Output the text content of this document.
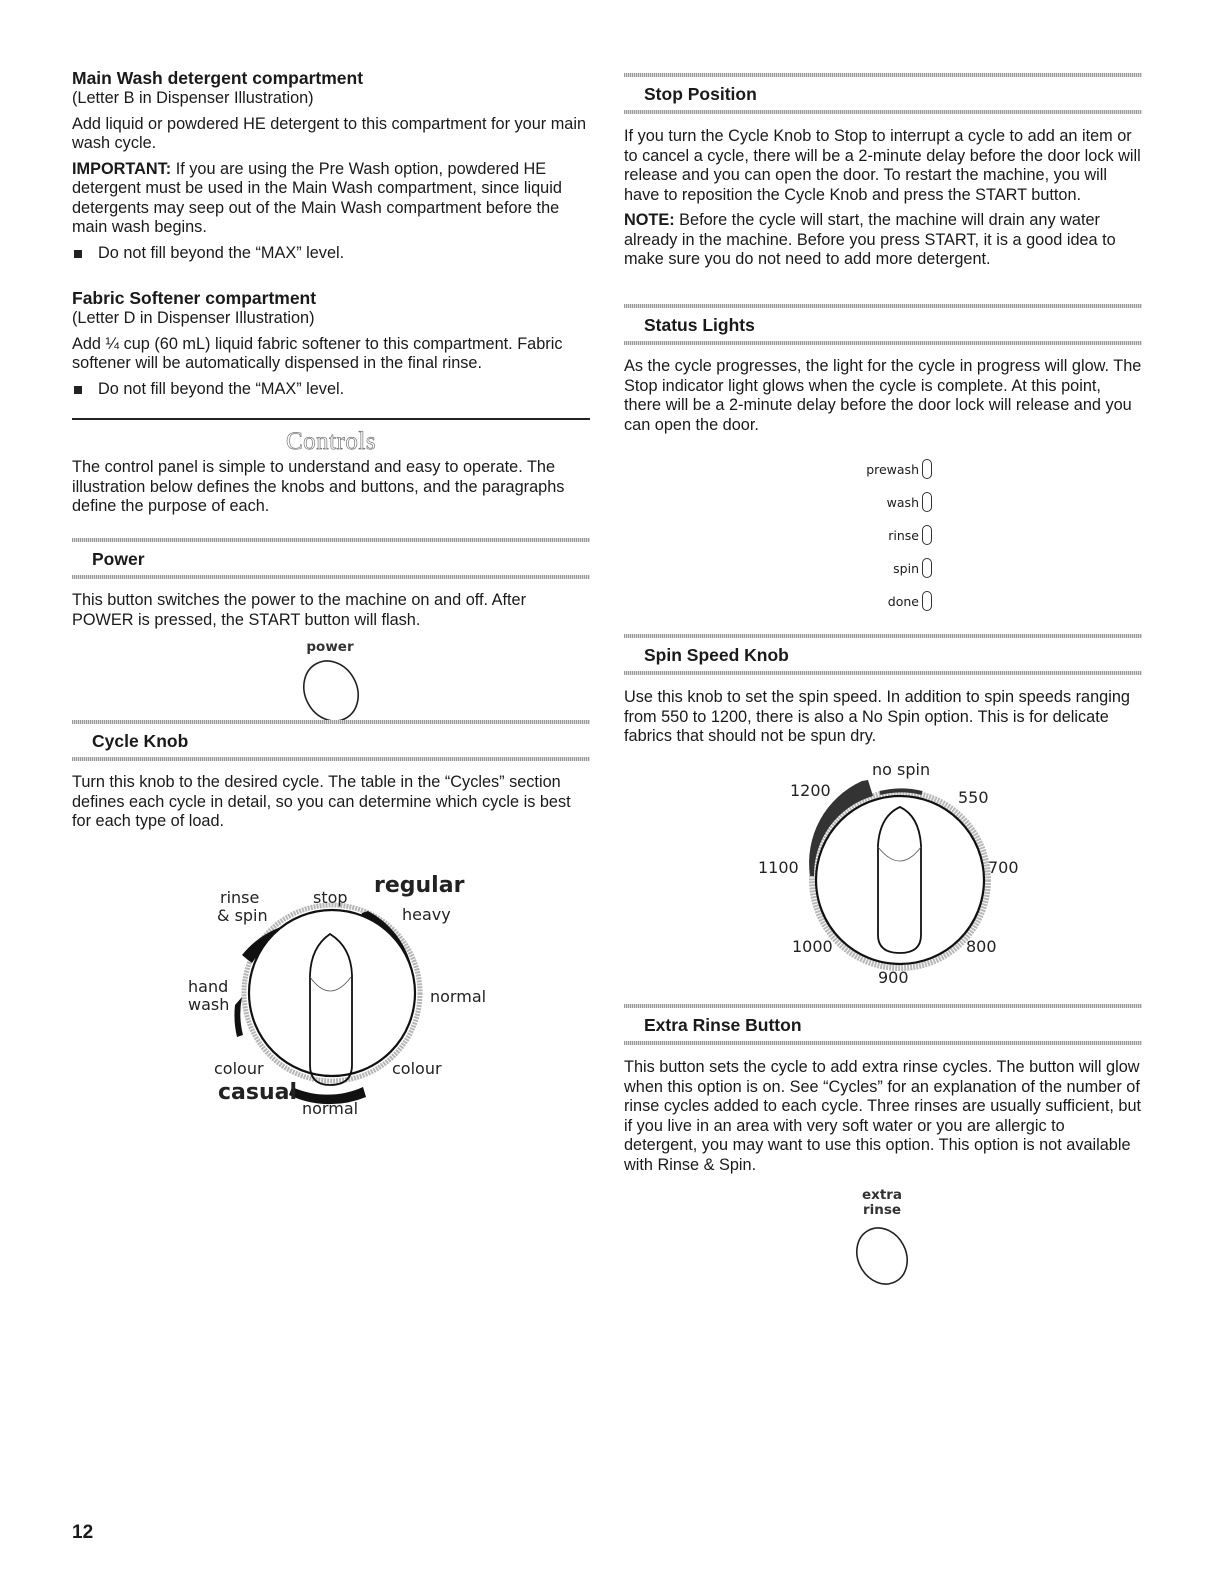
Main Wash detergent compartment

(Letter B in Dispenser Illustration)

Add liquid or powdered HE detergent to this compartment for your main wash cycle.

IMPORTANT: If you are using the Pre Wash option, powdered HE detergent must be used in the Main Wash compartment, since liquid detergents may seep out of the Main Wash compartment before the main wash begins.

Do not fill beyond the “MAX” level.
Fabric Softener compartment

(Letter D in Dispenser Illustration)

Add ¼ cup (60 mL) liquid fabric softener to this compartment. Fabric softener will be automatically dispensed in the final rinse.

Do not fill beyond the “MAX” level.
Controls

The control panel is simple to understand and easy to operate. The illustration below defines the knobs and buttons, and the paragraphs define the purpose of each.

Power

This button switches the power to the machine on and off. After POWER is pressed, the START button will flash.

power
Cycle Knob

Turn this knob to the desired cycle. The table in the “Cycles” section defines each cycle in detail, so you can determine which cycle is best for each type of load.

rinse
& spin
stop regular
heavy
hand
wash	normal
colour	colour
casual
normal
Stop Position

If you turn the Cycle Knob to Stop to interrupt a cycle to add an item or to cancel a cycle, there will be a 2-minute delay before the door lock will release and you can open the door. To restart the machine, you will have to reposition the Cycle Knob and press the START button.

NOTE: Before the cycle will start, the machine will drain any water already in the machine. Before you press START, it is a good idea to make sure you do not need to add more detergent.

Status Lights

As the cycle progresses, the light for the cycle in progress will glow. The Stop indicator light glows when the cycle is complete. At this point, there will be a 2-minute delay before the door lock will release and you can open the door.

prewash
wash
rinse
spin
done
Spin Speed Knob

Use this knob to set the spin speed. In addition to spin speeds ranging from 550 to 1200, there is also a No Spin option. This is for delicate fabrics that should not be spun dry.

no spin
550
700
800
900
1000
1100
1200
Extra Rinse Button

This button sets the cycle to add extra rinse cycles. The button will glow when this option is on. See “Cycles” for an explanation of the number of rinse cycles added to each cycle. Three rinses are usually sufficient, but if you live in an area with very soft water or you are allergic to detergent, you may want to use this option. This option is not available with Rinse & Spin.

extra
rinse
12
